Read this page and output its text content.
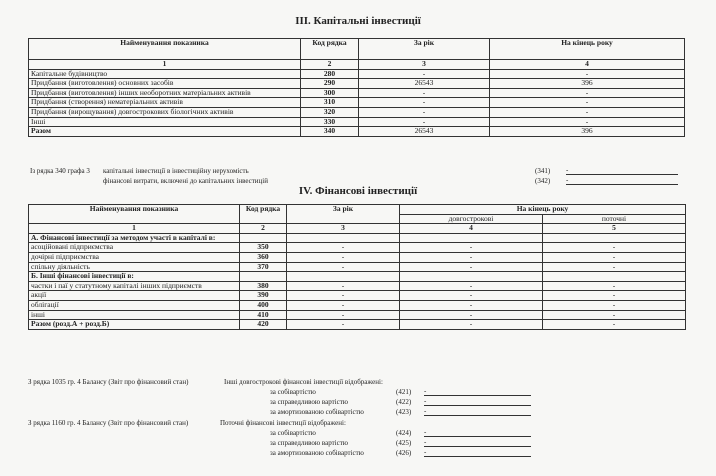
III. Капітальні інвестиції
Найменування показника	Код рядка	За рік	На кінець року
1	2	3	4
Капітальне будівництво	280	-	-
Придбання (виготовлення) основних засобів	290	26543	396
Придбання (виготовлення) інших необоротних матеріальних активів	300	-	-
Придбання (створення) нематеріальних активів	310	-	-
Придбання (вирощування) довгострокових біологічних активів	320	-	-
Інші	330	-	-
Разом	340	26543	396
Із рядка 340 графа 3 капітальні інвестиції в інвестиційну нерухомість	(341) -
фінансові витрати, включені до капітальних інвестицій	(342) -
IV. Фінансові інвестиції
Найменування показника	Код рядка	За рік	На кінець року	
			довгострокові	поточні
1	2	3	4	5
А. Фінансові інвестиції за методом участі в капіталі в:				
асоційовані підприємства	350	-	-	-
дочірні підприємства	360	-	-	-
спільну діяльність	370	-	-	-
Б. Інші фінансові інвестиції в:				
частки і паї у статутному капіталі інших підприємств	380	-	-	-
акції	390	-	-	-
облігації	400	-	-	-
інші	410	-	-	-
Разом (розд.А + розд.Б)	420	-	-	-
З рядка 1035 гр. 4 Балансу (Звіт про фінансовий стан)	Інші довгострокові фінансові інвестиції відображені:
З рядка 1160 гр. 4 Балансу (Звіт про фінансовий стан)	Поточні фінансові інвестиції відображені:
за собівартістю	(421) -
за справедливою вартістю	(422) -
за амортизованою собівартістю	(423) -
за собівартістю	(424) -
за справедливою вартістю	(425) -
за амортизованою собівартістю	(426) -
